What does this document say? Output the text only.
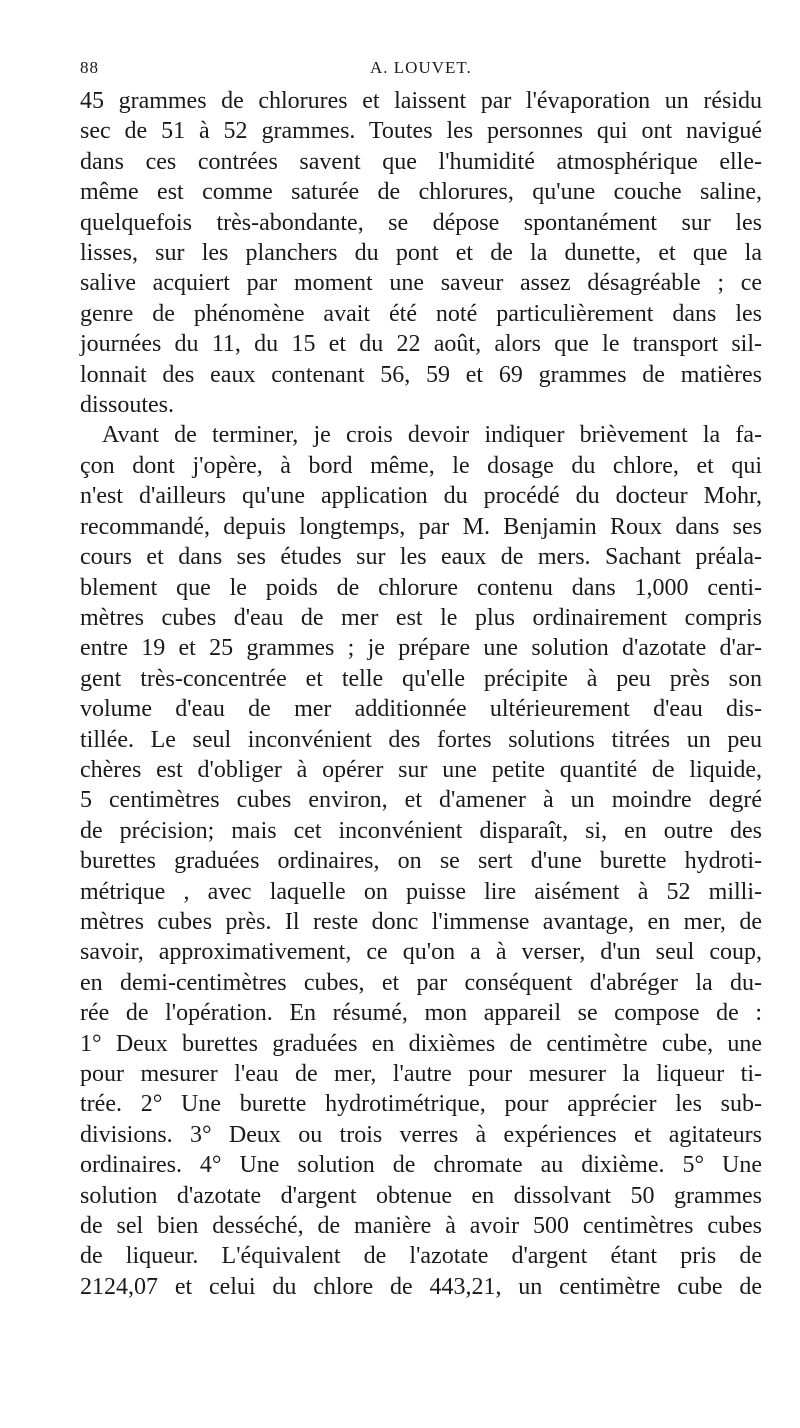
88	A. LOUVET.
45 grammes de chlorures et laissent par l'évaporation un résidu
sec de 51 à 52 grammes. Toutes les personnes qui ont navigué
dans ces contrées savent que l'humidité atmosphérique elle-
même est comme saturée de chlorures, qu'une couche saline,
quelquefois très-abondante, se dépose spontanément sur les
lisses, sur les planchers du pont et de la dunette, et que la
salive acquiert par moment une saveur assez désagréable ; ce
genre de phénomène avait été noté particulièrement dans les
journées du 11, du 15 et du 22 août, alors que le transport sil-
lonnait des eaux contenant 56, 59 et 69 grammes de matières
dissoutes.
Avant de terminer, je crois devoir indiquer brièvement la fa-
çon dont j'opère, à bord même, le dosage du chlore, et qui
n'est d'ailleurs qu'une application du procédé du docteur Mohr,
recommandé, depuis longtemps, par M. Benjamin Roux dans ses
cours et dans ses études sur les eaux de mers. Sachant préala-
blement que le poids de chlorure contenu dans 1,000 centi-
mètres cubes d'eau de mer est le plus ordinairement compris
entre 19 et 25 grammes ; je prépare une solution d'azotate d'ar-
gent très-concentrée et telle qu'elle précipite à peu près son
volume d'eau de mer additionnée ultérieurement d'eau dis-
tillée. Le seul inconvénient des fortes solutions titrées un peu
chères est d'obliger à opérer sur une petite quantité de liquide,
5 centimètres cubes environ, et d'amener à un moindre degré
de précision; mais cet inconvénient disparaît, si, en outre des
burettes graduées ordinaires, on se sert d'une burette hydroti-
métrique , avec laquelle on puisse lire aisément à 52 milli-
mètres cubes près. Il reste donc l'immense avantage, en mer, de
savoir, approximativement, ce qu'on a à verser, d'un seul coup,
en demi-centimètres cubes, et par conséquent d'abréger la du-
rée de l'opération. En résumé, mon appareil se compose de :
1° Deux burettes graduées en dixièmes de centimètre cube, une
pour mesurer l'eau de mer, l'autre pour mesurer la liqueur ti-
trée. 2° Une burette hydrotimétrique, pour apprécier les sub-
divisions. 3° Deux ou trois verres à expériences et agitateurs
ordinaires. 4° Une solution de chromate au dixième. 5° Une
solution d'azotate d'argent obtenue en dissolvant 50 grammes
de sel bien desséché, de manière à avoir 500 centimètres cubes
de liqueur. L'équivalent de l'azotate d'argent étant pris de
2124,07 et celui du chlore de 443,21, un centimètre cube de
